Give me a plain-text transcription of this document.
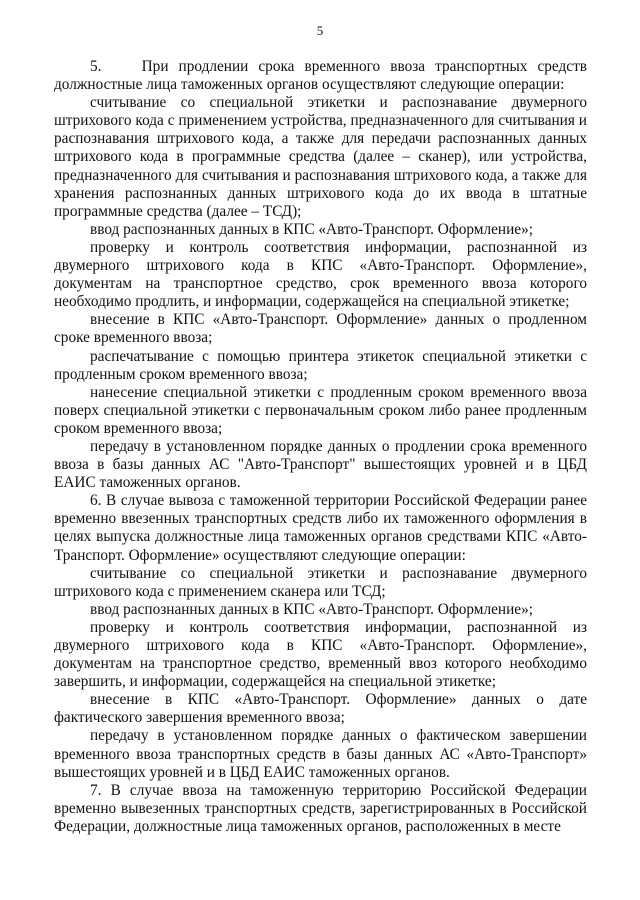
5

5.    При продлении срока временного ввоза транспортных средств должностные лица таможенных органов осуществляют следующие операции:

считывание со специальной этикетки и распознавание двумерного штрихового кода с применением устройства, предназначенного для считывания и распознавания штрихового кода, а также для передачи распознанных данных штрихового кода в программные средства (далее – сканер), или устройства, предназначенного для считывания и распознавания штрихового кода, а также для хранения распознанных данных штрихового кода до их ввода в штатные программные средства (далее – ТСД);

ввод распознанных данных в КПС «Авто-Транспорт. Оформление»;

проверку и контроль соответствия информации, распознанной из двумерного штрихового кода в КПС «Авто-Транспорт. Оформление», документам на транспортное средство, срок временного ввоза которого необходимо продлить, и информации, содержащейся на специальной этикетке;

внесение в КПС «Авто-Транспорт. Оформление» данных о продленном сроке временного ввоза;

распечатывание с помощью принтера этикеток специальной этикетки с продленным сроком временного ввоза;

нанесение специальной этикетки с продленным сроком временного ввоза поверх специальной этикетки с первоначальным сроком либо ранее продленным сроком временного ввоза;

передачу в установленном порядке данных о продлении срока временного ввоза в базы данных АС "Авто-Транспорт" вышестоящих уровней и в ЦБД ЕАИС таможенных органов.

6. В случае вывоза с таможенной территории Российской Федерации ранее временно ввезенных транспортных средств либо их таможенного оформления в целях выпуска должностные лица таможенных органов средствами КПС «Авто-Транспорт. Оформление» осуществляют следующие операции:

считывание со специальной этикетки и распознавание двумерного штрихового кода с применением сканера или ТСД;

ввод распознанных данных в КПС «Авто-Транспорт. Оформление»;

проверку и контроль соответствия информации, распознанной из двумерного штрихового кода в КПС «Авто-Транспорт. Оформление», документам на транспортное средство, временный ввоз которого необходимо завершить, и информации, содержащейся на специальной этикетке;

внесение в КПС «Авто-Транспорт. Оформление» данных о дате фактического завершения временного ввоза;

передачу в установленном порядке данных о фактическом завершении временного ввоза транспортных средств в базы данных АС «Авто-Транспорт» вышестоящих уровней и в ЦБД ЕАИС таможенных органов.

7. В случае ввоза на таможенную территорию Российской Федерации временно вывезенных транспортных средств, зарегистрированных в Российской Федерации, должностные лица таможенных органов, расположенных в месте
